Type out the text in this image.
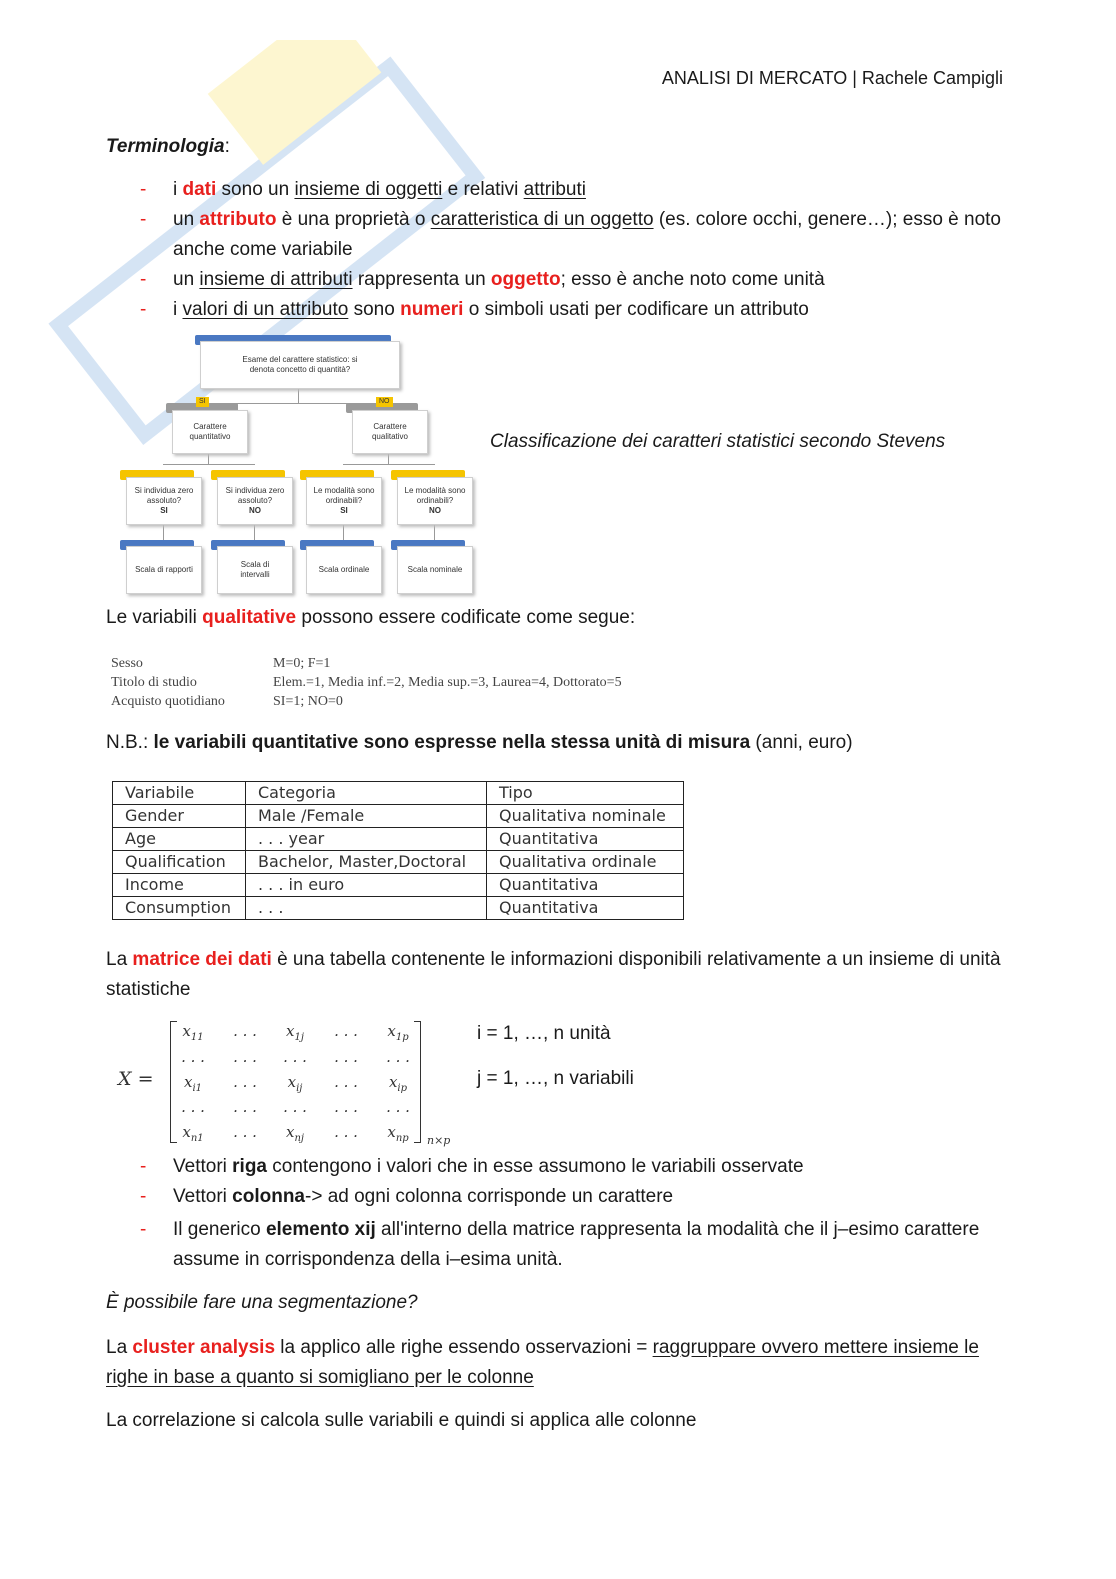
ANALISI DI MERCATO | Rachele Campigli
Terminologia:
- i dati sono un insieme di oggetti e relativi attributi
- un attributo è una proprietà o caratteristica di un oggetto (es. colore occhi, genere…); esso è noto anche come variabile
- un insieme di attributi rappresenta un oggetto; esso è anche noto come unità
- i valori di un attributo sono numeri o simboli usati per codificare un attributo
Esame del carattere statistico: si denota concetto di quantità?
SI
Carattere quantitativo
NO
Carattere qualitativo
Si individua zero assoluto?
SI
Si individua zero assoluto?
NO
Le modalità sono ordinabili?
SI
Le modalità sono ordinabili?
NO
Scala di rapporti
Scala di intervalli
Scala ordinale	Scala nominale
Classificazione dei caratteri statistici secondo Stevens
Le variabili qualitative possono essere codificate come segue:
Sesso	M=0; F=1
Titolo di studio	Elem.=1, Media inf.=2, Media sup.=3, Laurea=4, Dottorato=5
Acquisto quotidiano	SI=1; NO=0
N.B.: le variabili quantitative sono espresse nella stessa unità di misura (anni, euro)
Variabile	Categoria	Tipo
Gender	Male /Female	Qualitativa nominale
Age	. . . year	Quantitativa
Qualification	Bachelor, Master,Doctoral	Qualitativa ordinale
Income	. . . in euro	Quantitativa
Consumption	. . .	Quantitativa
La matrice dei dati è una tabella contenente le informazioni disponibili relativamente a un insieme di unità statistiche
X =
$x_{11}$	. . .	$x_{1j}$	. . .	$x_{1p}$
. . .	. . .	. . .	. . .	. . .
$x_{i1}$	. . .	$x_{ij}$	. . .	$x_{ip}$
. . .	. . .	. . .	. . .	. . .
$x_{n1}$	. . .	$x_{nj}$	. . .	$x_{np}$	n×p
i = 1, …, n unità
j = 1, …, n variabili
- Vettori riga contengono i valori che in esse assumono le variabili osservate
- Vettori colonna-> ad ogni colonna corrisponde un carattere
- Il generico elemento xij all'interno della matrice rappresenta la modalità che il j–esimo carattere assume in corrispondenza della i–esima unità.
È possibile fare una segmentazione?
La cluster analysis la applico alle righe essendo osservazioni = raggruppare ovvero mettere insieme le righe in base a quanto si somigliano per le colonne
La correlazione si calcola sulle variabili e quindi si applica alle colonne
